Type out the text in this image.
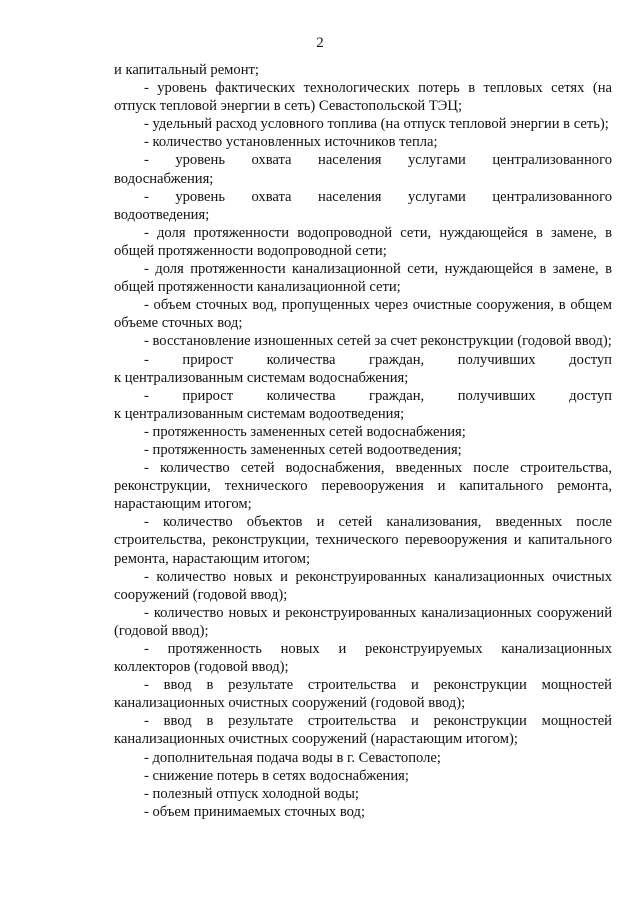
2

и капитальный ремонт;

- уровень фактических технологических потерь в тепловых сетях (на отпуск тепловой энергии в сеть) Севастопольской ТЭЦ;

- удельный расход условного топлива (на отпуск тепловой энергии в сеть);

- количество установленных источников тепла;

- уровень охвата населения услугами централизованного
водоснабжения;

- уровень охвата населения услугами централизованного
водоотведения;

- доля протяженности водопроводной сети, нуждающейся в замене, в общей протяженности водопроводной сети;

- доля протяженности канализационной сети, нуждающейся в замене, в общей протяженности канализационной сети;

- объем сточных вод, пропущенных через очистные сооружения, в общем объеме сточных вод;

- восстановление изношенных сетей за счет реконструкции (годовой ввод);

- прирост количества граждан, получивших доступ
к централизованным системам водоснабжения;

- прирост количества граждан, получивших доступ
к централизованным системам водоотведения;

- протяженность замененных сетей водоснабжения;

- протяженность замененных сетей водоотведения;

- количество сетей водоснабжения, введенных после строительства, реконструкции, технического перевооружения и капитального ремонта, нарастающим итогом;

- количество объектов и сетей канализования, введенных после строительства, реконструкции, технического перевооружения и капитального ремонта, нарастающим итогом;

- количество новых и реконструированных канализационных очистных сооружений (годовой ввод);

- количество новых и реконструированных канализационных сооружений (годовой ввод);

- протяженность новых и реконструируемых канализационных коллекторов (годовой ввод);

- ввод в результате строительства и реконструкции мощностей канализационных очистных сооружений (годовой ввод);

- ввод в результате строительства и реконструкции мощностей канализационных очистных сооружений (нарастающим итогом);

- дополнительная подача воды в г. Севастополе;

- снижение потерь в сетях водоснабжения;

- полезный отпуск холодной воды;

- объем принимаемых сточных вод;
